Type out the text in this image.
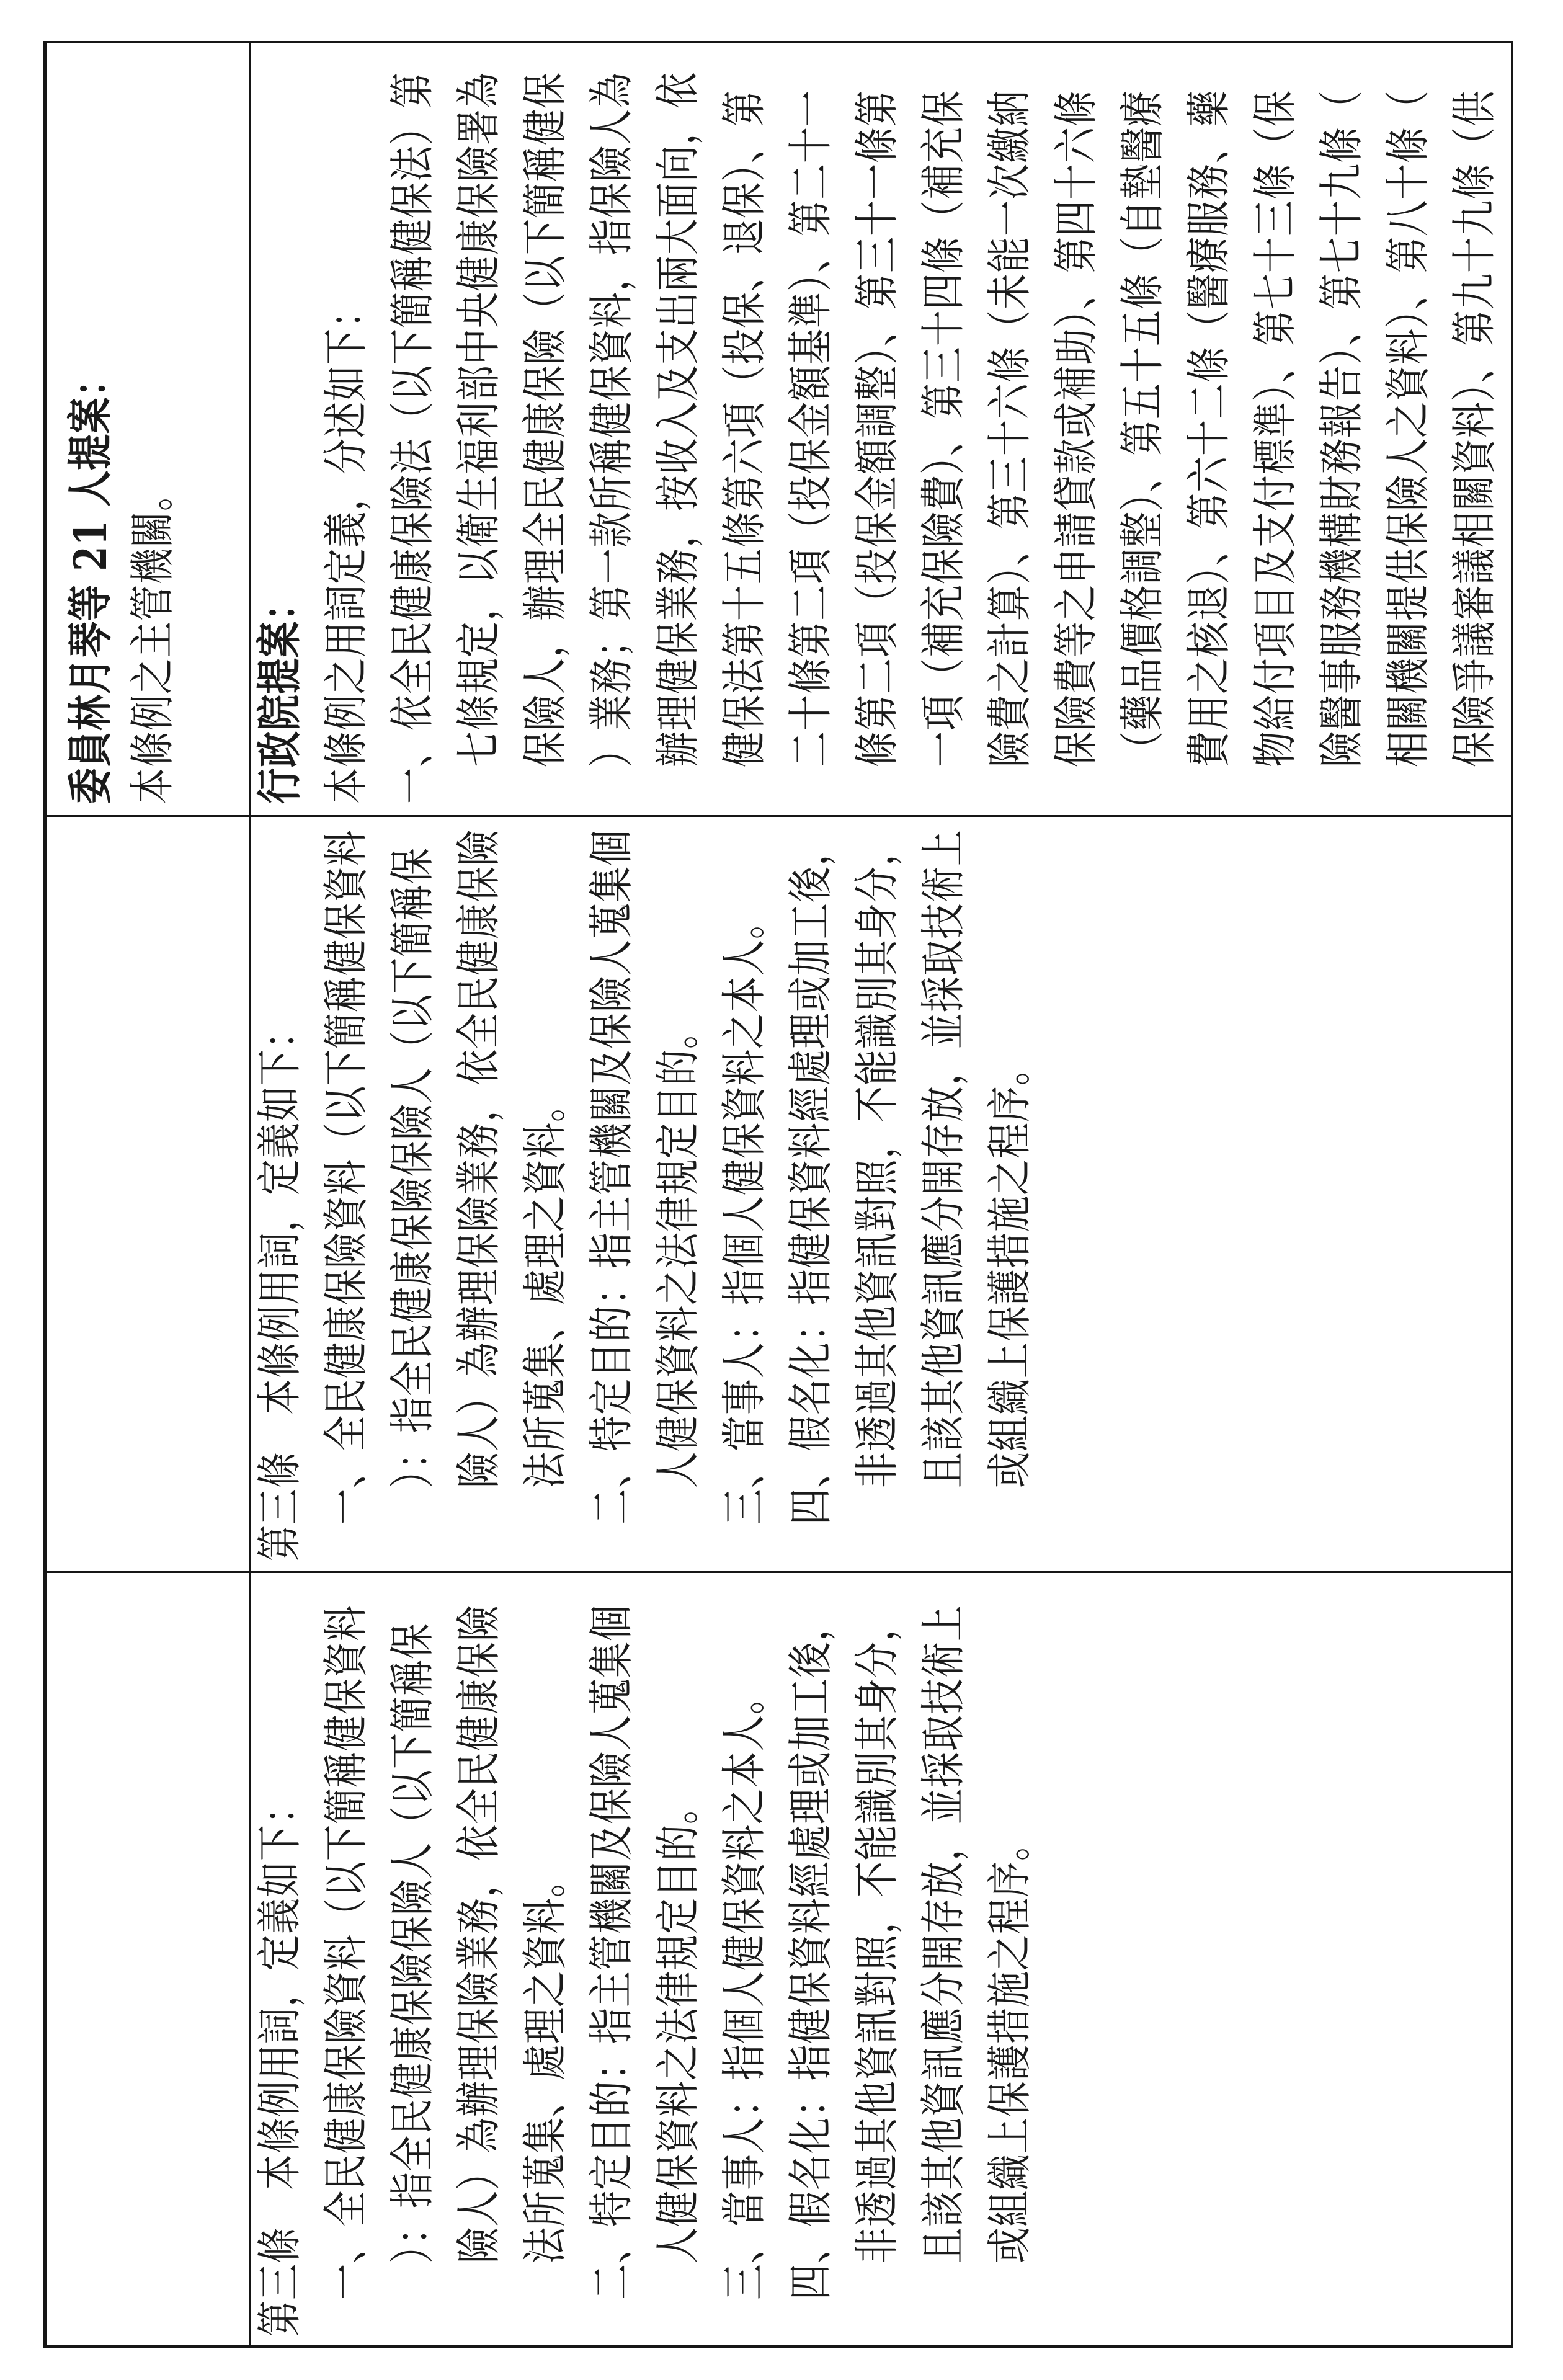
第三條　本條例用詞，定義如下： 一、全民健康保險資料（以下簡稱健保資料 ）：指全民健康保險保險人（以下簡稱保 險人）為辦理保險業務，依全民健康保險 法所蒐集、處理之資料。 二、特定目的：指主管機關及保險人蒐集個 人健保資料之法律規定目的。 三、當事人：指個人健保資料之本人。 四、假名化：指健保資料經處理或加工後， 非透過其他資訊對照，不能識別其身分， 且該其他資訊應分開存放，並採取技術上 或組織上保護措施之程序。
第三條　本條例用詞，定義如下： 一、全民健康保險資料（以下簡稱健保資料 ）：指全民健康保險保險人（以下簡稱保 險人）為辦理保險業務，依全民健康保險 法所蒐集、處理之資料。 二、特定目的：指主管機關及保險人蒐集個 人健保資料之法律規定目的。 三、當事人：指個人健保資料之本人。 四、假名化：指健保資料經處理或加工後， 非透過其他資訊對照，不能識別其身分， 且該其他資訊應分開存放，並採取技術上 或組織上保護措施之程序。
委員林月琴等 21 人提案： 本條例之主管機關。	行政院提案： 本條例之用詞定義，分述如下： 一、依全民健康保險法（以下簡稱健保法）第 七條規定，以衛生福利部中央健康保險署為 保險人，辦理全民健康保險（以下簡稱健保 ）業務；第一款所稱健保資料，指保險人為 辦理健保業務，按收入及支出兩大面向，依 健保法第十五條第六項（投保、退保）、第 二十條第二項（投保金額基準）、第二十一 條第二項（投保金額調整）、第三十一條第 一項（補充保險費）、第三十四條（補充保 險費之計算）、第三十六條（未能一次繳納 保險費等之申請貸款或補助）、第四十六條 （藥品價格調整）、第五十五條（自墊醫療 費用之核退）、第六十二條（醫療服務、藥 物給付項目及支付標準）、第七十三條（保 險醫事服務機構財務報告）、第七十九條（ 相關機關提供保險人之資料）、第八十條（ 保險爭議審議相關資料）、第九十九條（供
